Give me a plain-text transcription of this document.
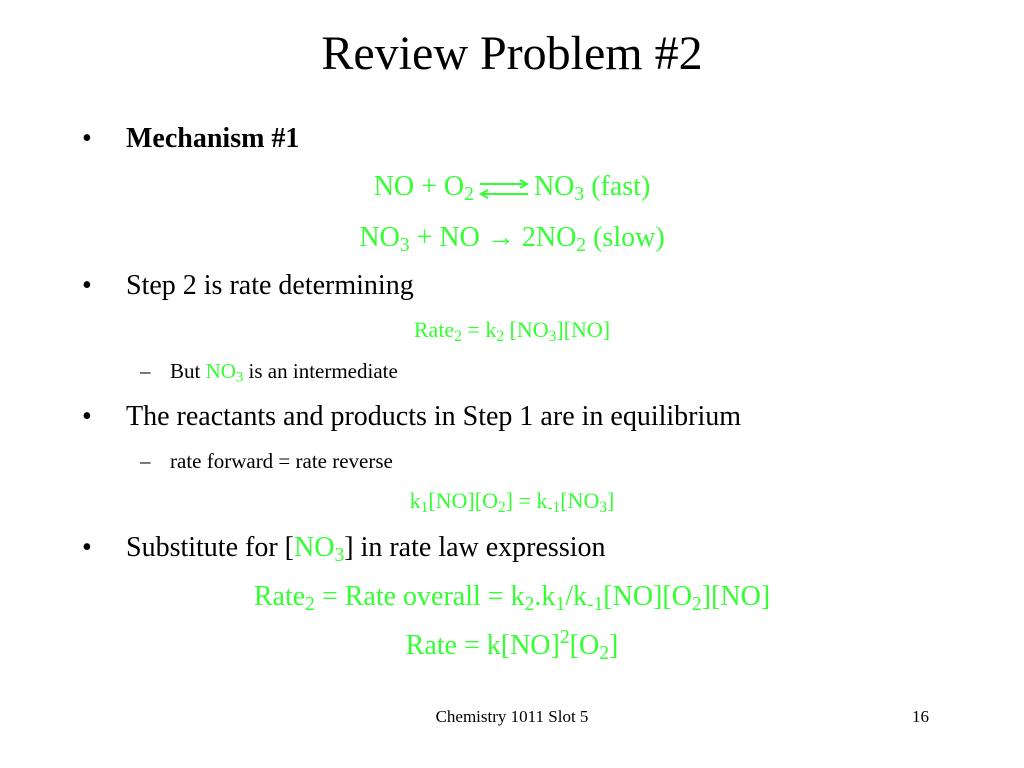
Review Problem #2
• Mechanism #1
NO + $O_2$ ⇌ $NO_3$ (fast)
$NO_3$ + NO → $2NO_2$ (slow)
• Step 2 is rate determining
Rate$_2$ = $k_2$ $[NO_3][NO]$
– But $NO_3$ is an intermediate
• The reactants and products in Step 1 are in equilibrium
– rate forward = rate reverse
$k_1[NO][O_2] = k_{-1}[NO_3]$
• Substitute for $[NO_3]$ in rate law expression
Rate$_2$ = Rate overall = $k_2.k_1/k_{-1}[NO][O_2][NO]$
Rate = $k[NO]^2[O_2]$
Chemistry 1011 Slot 5	16
